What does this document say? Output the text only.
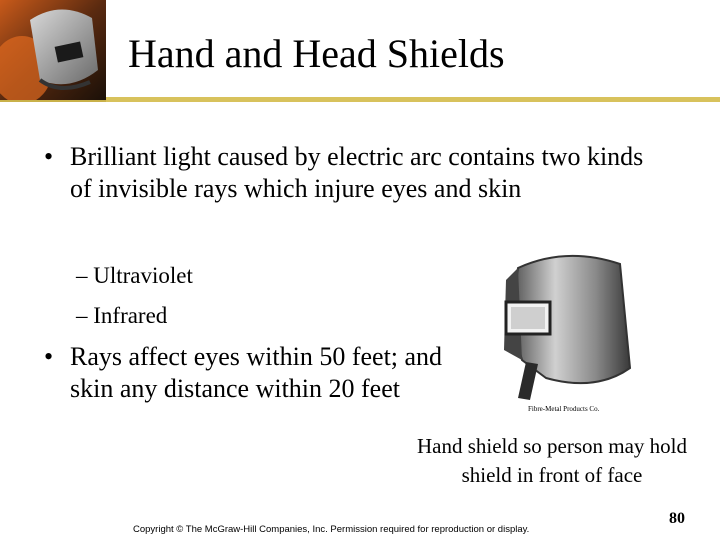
Hand and Head Shields
• Brilliant light caused by electric arc contains two kinds of invisible rays which injure eyes and skin
– Ultraviolet
– Infrared
• Rays affect eyes within 50 feet; and skin any distance within 20 feet
Fibre-Metal Products Co.
Hand shield so person may hold
shield in front of face
Copyright © The McGraw-Hill Companies, Inc. Permission required for reproduction or display.
80
